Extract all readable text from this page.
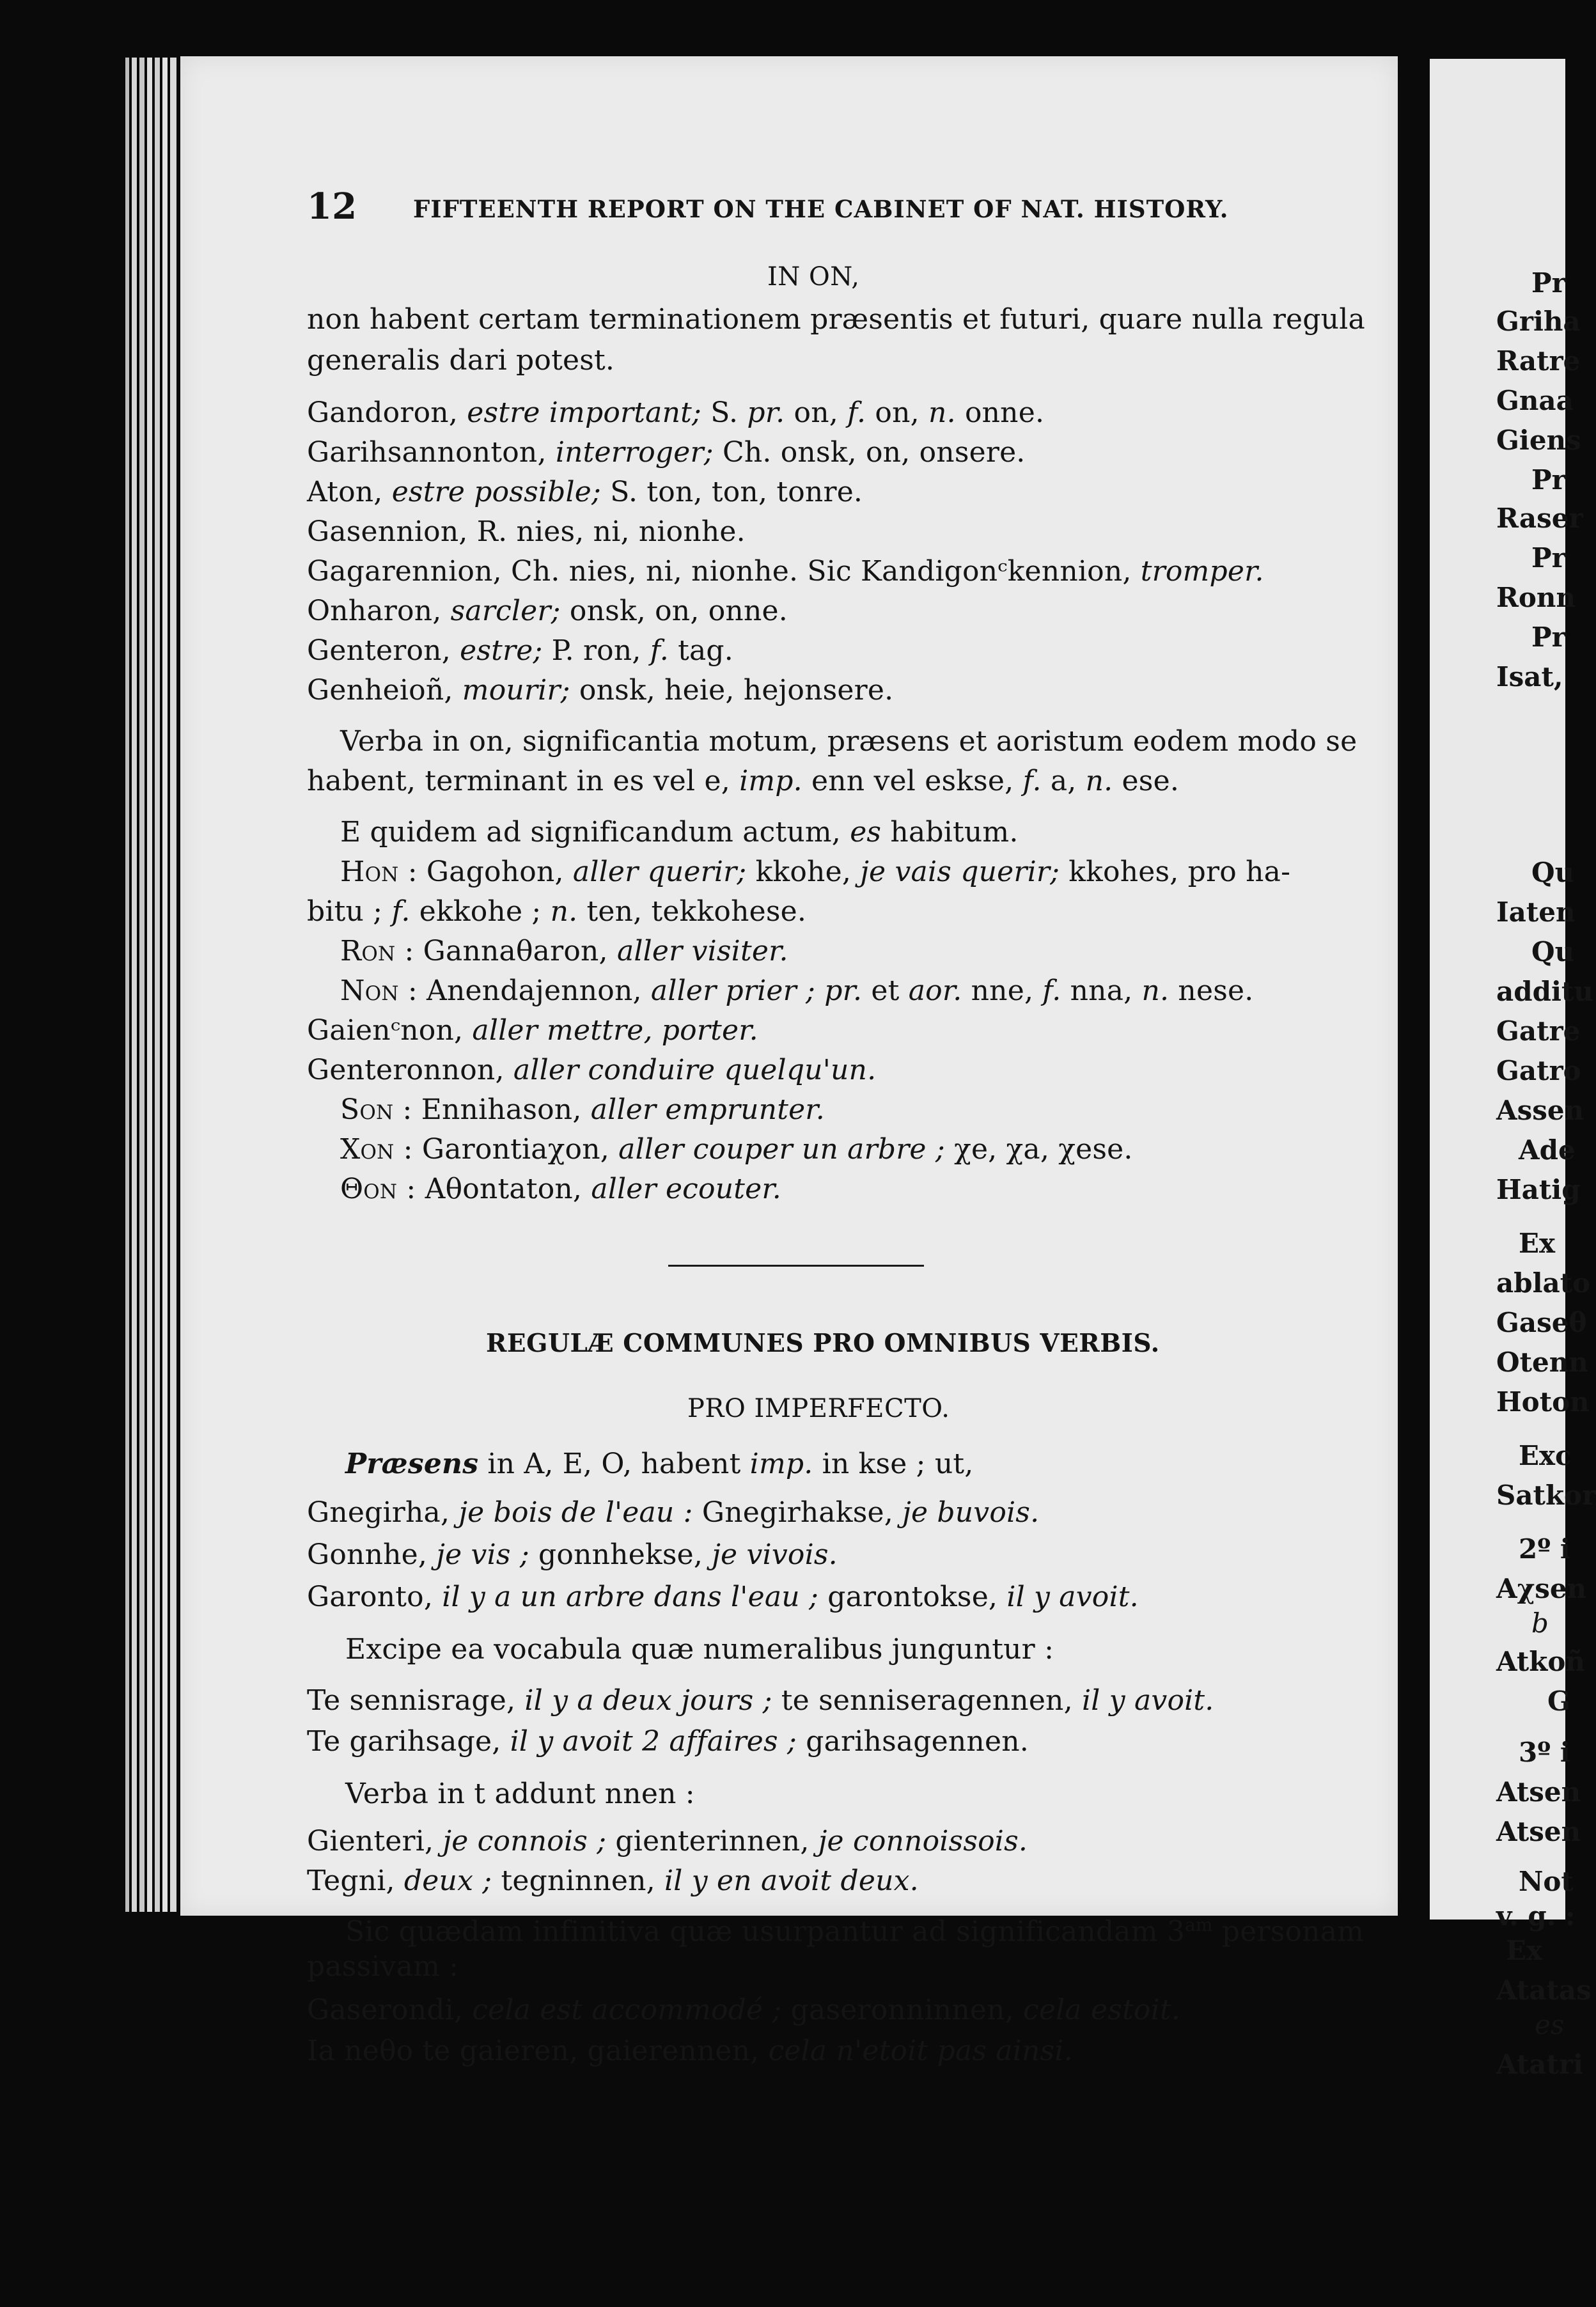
12 FIFTEENTH REPORT ON THE CABINET OF NAT. HISTORY.
IN ON,
non habent certam terminationem præsentis et futuri, quare nulla regula
generalis dari potest.
Gandoron, estre important; S. pr. on, f. on, n. onne.
Garihsannonton, interroger; Ch. onsk, on, onsere.
Aton, estre possible; S. ton, ton, tonre.
Gasennion, R. nies, ni, nionhe.
Gagarennion, Ch. nies, ni, nionhe. Sic Kandigonᶜkennion, tromper.
Onharon, sarcler; onsk, on, onne.
Genteron, estre; P. ron, f. tag.
Genheioñ, mourir; onsk, heie, hejonsere.
Verba in on, significantia motum, præsens et aoristum eodem modo se
habent, terminant in es vel e, imp. enn vel eskse, f. a, n. ese.
E quidem ad significandum actum, es habitum.
Hon : Gagohon, aller querir; kkohe, je vais querir; kkohes, pro ha-
bitu ; f. ekkohe ; n. ten, tekkohese.
Ron : Gannaθaron, aller visiter.
Non : Anendajennon, aller prier ; pr. et aor. nne, f. nna, n. nese.
Gaienᶜnon, aller mettre, porter.
Genteronnon, aller conduire quelqu'un.
Son : Ennihason, aller emprunter.
Xon : Garontiaχon, aller couper un arbre ; χe, χa, χese.
Θon : Aθontaton, aller ecouter.
REGULÆ COMMUNES PRO OMNIBUS VERBIS.
PRO IMPERFECTO.
Præsens in A, E, O, habent imp. in kse ; ut,
Gnegirha, je bois de l'eau : Gnegirhakse, je buvois.
Gonnhe, je vis ; gonnhekse, je vivois.
Garonto, il y a un arbre dans l'eau ; garontokse, il y avoit.
Excipe ea vocabula quæ numeralibus junguntur :
Te sennisrage, il y a deux jours ; te senniseragennen, il y avoit.
Te garihsage, il y avoit 2 affaires ; garihsagennen.
Verba in t addunt nnen :
Gienteri, je connois ; gienterinnen, je connoissois.
Tegni, deux ; tegninnen, il y en avoit deux.
Sic quædam infinitiva quæ usurpantur ad significandam $3^{am}$ personam
passivam :
Gaserondi, cela est accommodé ; gaseronninnen, cela estoit.
Ia neθo te gaieren, gaierennen, cela n'etoit pas ainsi.
Pr
Griha
Ratre
Gnaa
Giens
Pr
Raser
Pr
Ronn
Pr
Isat,
Qu
Iaten
Qu
additu
Gatre
Gatro
Assen
Ade
Hatig
Ex
ablato
Gaseθ
Otenn
Hoton
Exc
Satkor
2º i
Aχsen
b
Atkoñ
G
3º i
Atsen
Atsen
Not
v. g. :
Ex
Atatas
es
Atatri
